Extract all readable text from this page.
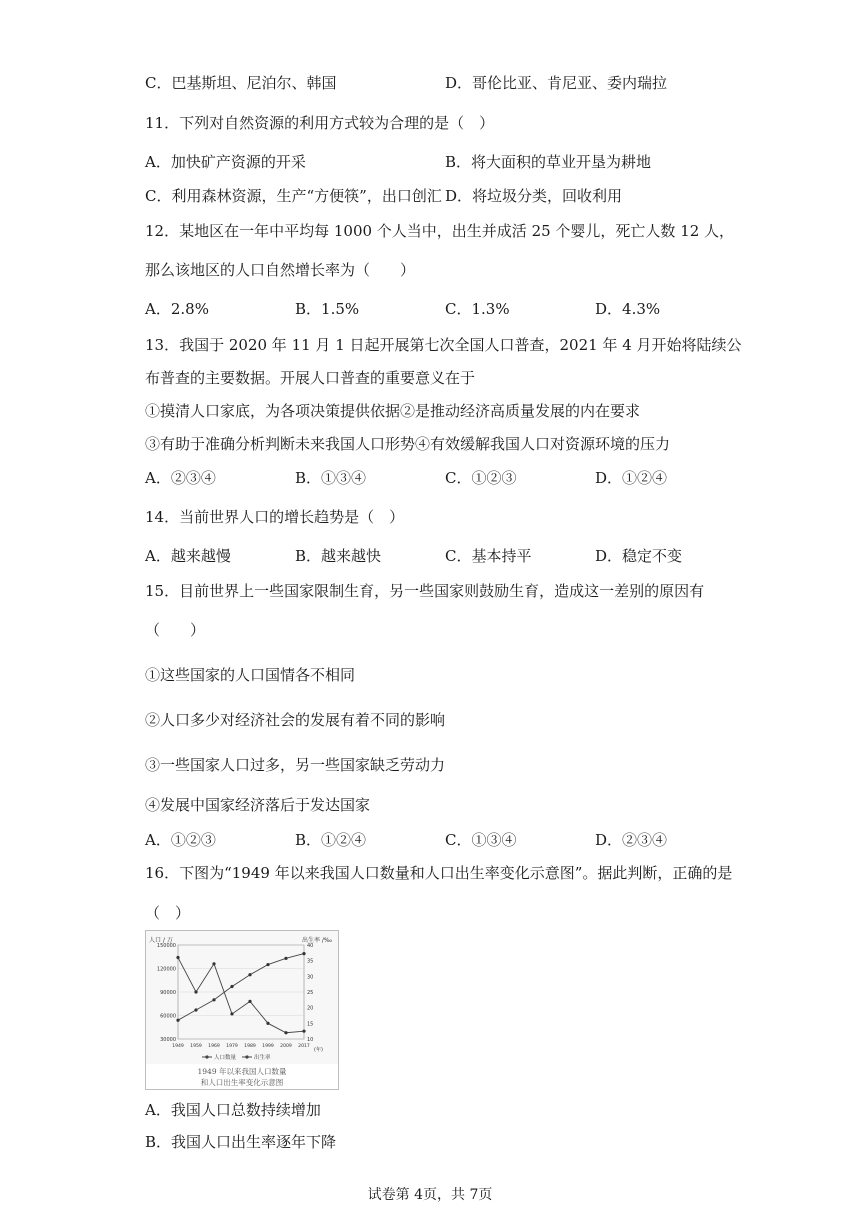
C．巴基斯坦、尼泊尔、韩国	D．哥伦比亚、肯尼亚、委内瑞拉
11．下列对自然资源的利用方式较为合理的是（　）
A．加快矿产资源的开采	B．将大面积的草业开垦为耕地
C．利用森林资源，生产“方便筷”，出口创汇 D．将垃圾分类，回收利用
12．某地区在一年中平均每 1000 个人当中，出生并成活 25 个婴儿，死亡人数 12 人，
那么该地区的人口自然增长率为（　　）
A．2.8%	B．1.5%	C．1.3%	D．4.3%
13．我国于 2020 年 11 月 1 日起开展第七次全国人口普查，2021 年 4 月开始将陆续公
布普查的主要数据。开展人口普查的重要意义在于
①摸清人口家底，为各项决策提供依据②是推动经济高质量发展的内在要求
③有助于准确分析判断未来我国人口形势④有效缓解我国人口对资源环境的压力
A．②③④	B．①③④	C．①②③	D．①②④
14．当前世界人口的增长趋势是（　）
A．越来越慢	B．越来越快	C．基本持平	D．稳定不变
15．目前世界上一些国家限制生育，另一些国家则鼓励生育，造成这一差别的原因有
（　　）
①这些国家的人口国情各不相同
②人口多少对经济社会的发展有着不同的影响
③一些国家人口过多，另一些国家缺乏劳动力
④发展中国家经济落后于发达国家
A．①②③	B．①②④	C．①③④	D．②③④
16．下图为“1949 年以来我国人口数量和人口出生率变化示意图”。据此判断，正确的是
（　）
人口 / 万	出生率 /‰
(年)
150000
120000
90000
60000
30000
40
35
30
25
20
15
10
1949 1959 1969 1979 1989 1999 2009 2017
人口数量	出生率
1949 年以来我国人口数量
和人口出生率变化示意图
A．我国人口总数持续增加
B．我国人口出生率逐年下降
试卷第 4页，共 7页
